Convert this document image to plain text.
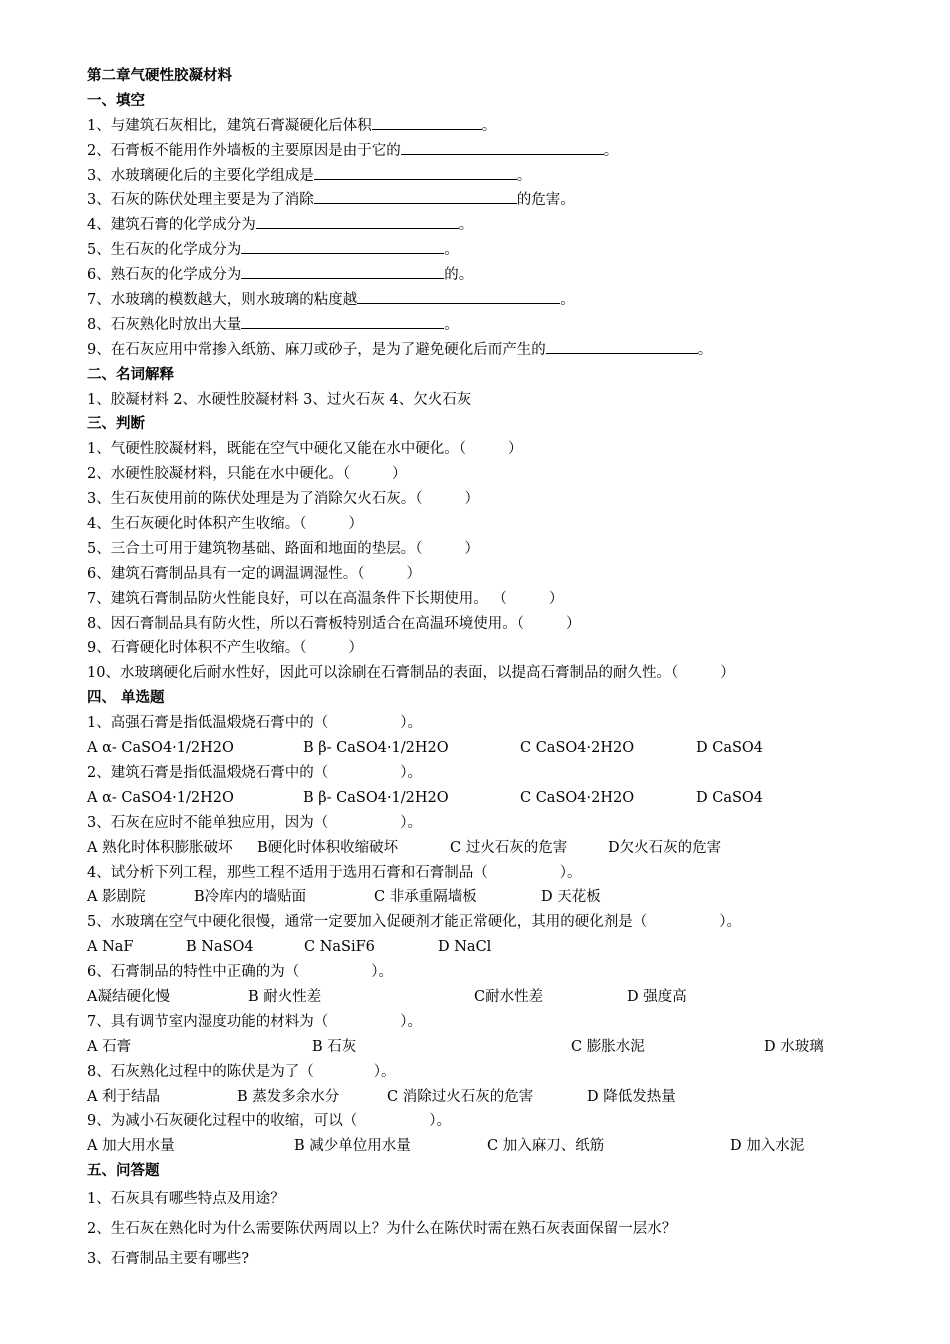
第二章气硬性胶凝材料
一、填空
1、与建筑石灰相比，建筑石膏凝硬化后体积	。
2、石膏板不能用作外墙板的主要原因是由于它的	。
3、水玻璃硬化后的主要化学组成是	。
3、石灰的陈伏处理主要是为了消除	的危害。
4、建筑石膏的化学成分为	。
5、生石灰的化学成分为	。
6、熟石灰的化学成分为	的。
7、水玻璃的模数越大，则水玻璃的粘度越	。
8、石灰熟化时放出大量	。
9、在石灰应用中常掺入纸筋、麻刀或砂子，是为了避免硬化后而产生的	。
二、名词解释
1、胶凝材料 2、水硬性胶凝材料 3、过火石灰 4、欠火石灰
三、判断
1、气硬性胶凝材料，既能在空气中硬化又能在水中硬化。（	）
2、水硬性胶凝材料，只能在水中硬化。（	）
3、生石灰使用前的陈伏处理是为了消除欠火石灰。（	）
4、生石灰硬化时体积产生收缩。（	）
5、三合土可用于建筑物基础、路面和地面的垫层。（	）
6、建筑石膏制品具有一定的调温调湿性。（	）
7、建筑石膏制品防火性能良好，可以在高温条件下长期使用。 （	）
8、因石膏制品具有防火性，所以石膏板特别适合在高温环境使用。（	）
9、石膏硬化时体积不产生收缩。（	）
10、水玻璃硬化后耐水性好，因此可以涂刷在石膏制品的表面，以提高石膏制品的耐久性。（	）
四、 单选题
1、高强石膏是指低温煅烧石膏中的（	）。
A α- CaSO4·1/2H2O	B β- CaSO4·1/2H2O	C CaSO4·2H2O	D CaSO4
2、建筑石膏是指低温煅烧石膏中的（	）。
A α- CaSO4·1/2H2O	B β- CaSO4·1/2H2O	C CaSO4·2H2O	D CaSO4
3、石灰在应时不能单独应用，因为（	）。
A 熟化时体积膨胀破坏 B硬化时体积收缩破坏	C 过火石灰的危害	D欠火石灰的危害
4、试分析下列工程，那些工程不适用于选用石膏和石膏制品（	）。
A 影剧院	B冷库内的墙贴面	C 非承重隔墙板	D 天花板
5、水玻璃在空气中硬化很慢，通常一定要加入促硬剂才能正常硬化，其用的硬化剂是（	）。
A NaF	B NaSO4	C NaSiF6	D NaCl
6、石膏制品的特性中正确的为（	）。
A凝结硬化慢	B 耐火性差	C耐水性差	D 强度高
7、具有调节室内湿度功能的材料为（	）。
A 石膏	B 石灰	C 膨胀水泥	D 水玻璃
8、石灰熟化过程中的陈伏是为了（	）。
A 利于结晶	B 蒸发多余水分	C 消除过火石灰的危害	D 降低发热量
9、为减小石灰硬化过程中的收缩，可以（	）。
A 加大用水量	B 减少单位用水量	C 加入麻刀、纸筋	D 加入水泥
五、问答题
1、石灰具有哪些特点及用途？
2、生石灰在熟化时为什么需要陈伏两周以上？为什么在陈伏时需在熟石灰表面保留一层水？
3、石膏制品主要有哪些?
